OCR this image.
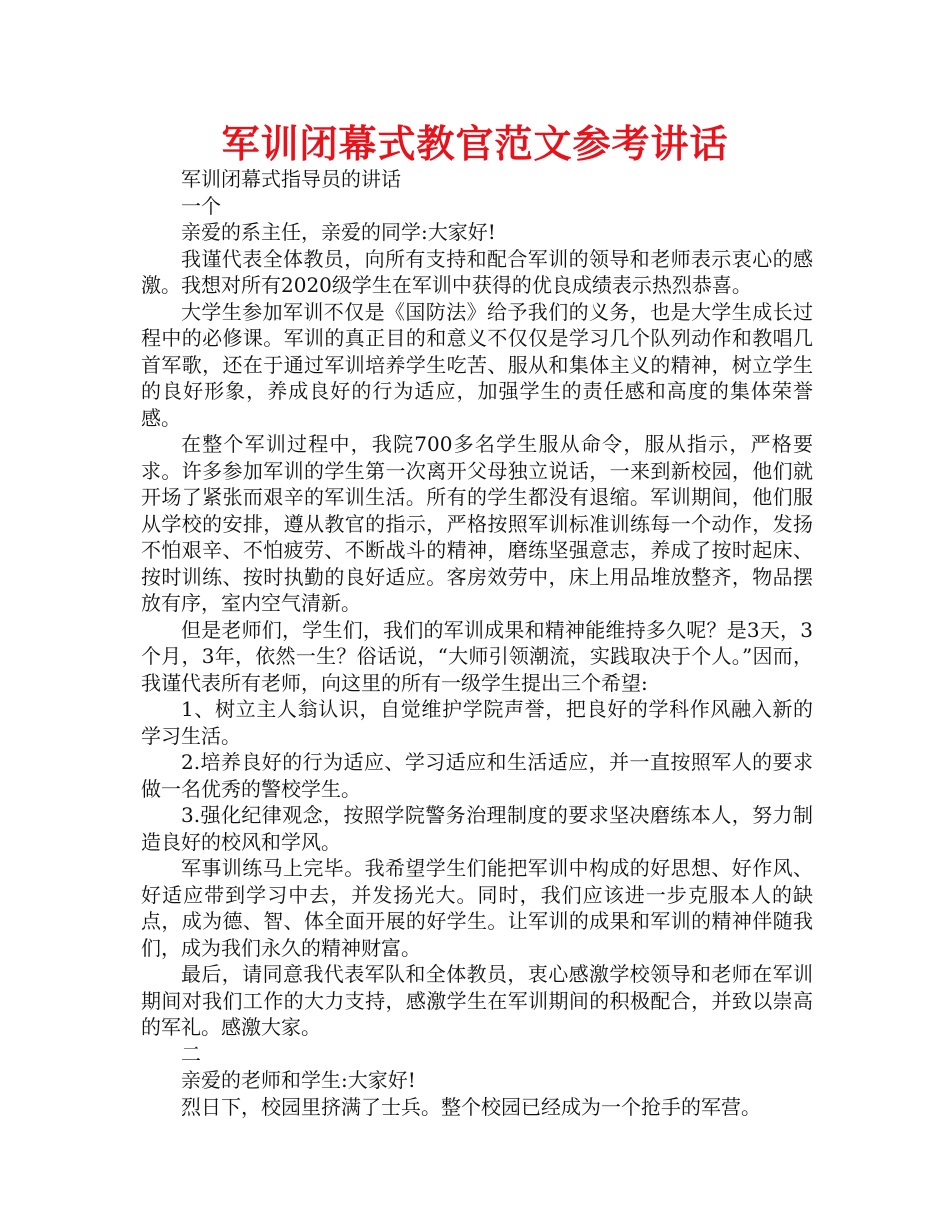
军训闭幕式教官范文参考讲话

军训闭幕式指导员的讲话

一个

亲爱的系主任，亲爱的同学:大家好!

我谨代表全体教员，向所有支持和配合军训的领导和老师表示衷心的感激。我想对所有2020级学生在军训中获得的优良成绩表示热烈恭喜。

大学生参加军训不仅是《国防法》给予我们的义务，也是大学生成长过程中的必修课。军训的真正目的和意义不仅仅是学习几个队列动作和教唱几首军歌，还在于通过军训培养学生吃苦、服从和集体主义的精神，树立学生的良好形象，养成良好的行为适应，加强学生的责任感和高度的集体荣誉感。

在整个军训过程中，我院700多名学生服从命令，服从指示，严格要求。许多参加军训的学生第一次离开父母独立说话，一来到新校园，他们就开场了紧张而艰辛的军训生活。所有的学生都没有退缩。军训期间，他们服从学校的安排，遵从教官的指示，严格按照军训标准训练每一个动作，发扬不怕艰辛、不怕疲劳、不断战斗的精神，磨练坚强意志，养成了按时起床、按时训练、按时执勤的良好适应。客房效劳中，床上用品堆放整齐，物品摆放有序，室内空气清新。

但是老师们，学生们，我们的军训成果和精神能维持多久呢？是3天，3个月，3年，依然一生？俗话说，“大师引领潮流，实践取决于个人。”因而，我谨代表所有老师，向这里的所有一级学生提出三个希望:

1、树立主人翁认识，自觉维护学院声誉，把良好的学科作风融入新的学习生活。

2.培养良好的行为适应、学习适应和生活适应，并一直按照军人的要求做一名优秀的警校学生。

3.强化纪律观念，按照学院警务治理制度的要求坚决磨练本人，努力制造良好的校风和学风。

军事训练马上完毕。我希望学生们能把军训中构成的好思想、好作风、好适应带到学习中去，并发扬光大。同时，我们应该进一步克服本人的缺点，成为德、智、体全面开展的好学生。让军训的成果和军训的精神伴随我们，成为我们永久的精神财富。

最后，请同意我代表军队和全体教员，衷心感激学校领导和老师在军训期间对我们工作的大力支持，感激学生在军训期间的积极配合，并致以崇高的军礼。感激大家。

二

亲爱的老师和学生:大家好!

烈日下，校园里挤满了士兵。整个校园已经成为一个抢手的军营。
